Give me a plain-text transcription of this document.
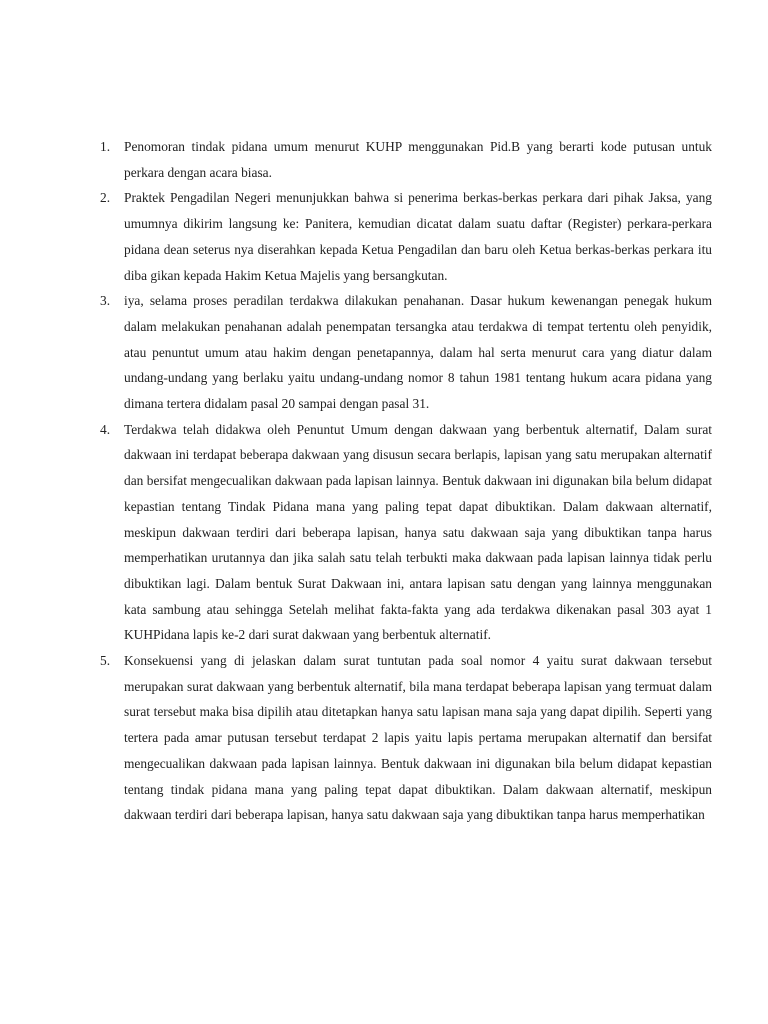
1. Penomoran tindak pidana umum menurut KUHP menggunakan Pid.B yang berarti kode putusan untuk perkara dengan acara biasa.
2. Praktek Pengadilan Negeri menunjukkan bahwa si penerima berkas-berkas perkara dari pihak Jaksa, yang umumnya dikirim langsung ke: Panitera, kemudian dicatat dalam suatu daftar (Register) perkara-perkara pidana dean seterus nya diserahkan kepada Ketua Pengadilan dan baru oleh Ketua berkas-berkas perkara itu diba gikan kepada Hakim Ketua Majelis yang bersangkutan.
3. iya, selama proses peradilan terdakwa dilakukan penahanan. Dasar hukum kewenangan penegak hukum dalam melakukan penahanan adalah penempatan tersangka atau terdakwa di tempat tertentu oleh penyidik, atau penuntut umum atau hakim dengan penetapannya, dalam hal serta menurut cara yang diatur dalam undang-undang yang berlaku yaitu undang-undang nomor 8 tahun 1981 tentang hukum acara pidana yang dimana tertera didalam pasal 20 sampai dengan pasal 31.
4. Terdakwa telah didakwa oleh Penuntut Umum dengan dakwaan yang berbentuk alternatif, Dalam surat dakwaan ini terdapat beberapa dakwaan yang disusun secara berlapis, lapisan yang satu merupakan alternatif dan bersifat mengecualikan dakwaan pada lapisan lainnya. Bentuk dakwaan ini digunakan bila belum didapat kepastian tentang Tindak Pidana mana yang paling tepat dapat dibuktikan. Dalam dakwaan alternatif, meskipun dakwaan terdiri dari beberapa lapisan, hanya satu dakwaan saja yang dibuktikan tanpa harus memperhatikan urutannya dan jika salah satu telah terbukti maka dakwaan pada lapisan lainnya tidak perlu dibuktikan lagi. Dalam bentuk Surat Dakwaan ini, antara lapisan satu dengan yang lainnya menggunakan kata sambung atau sehingga Setelah melihat fakta-fakta yang ada terdakwa dikenakan pasal 303 ayat 1 KUHPidana lapis ke-2 dari surat dakwaan yang berbentuk alternatif.
5. Konsekuensi yang di jelaskan dalam surat tuntutan pada soal nomor 4 yaitu surat dakwaan tersebut merupakan surat dakwaan yang berbentuk alternatif, bila mana terdapat beberapa lapisan yang termuat dalam surat tersebut maka bisa dipilih atau ditetapkan hanya satu lapisan mana saja yang dapat dipilih. Seperti yang tertera pada amar putusan tersebut terdapat 2 lapis yaitu lapis pertama merupakan alternatif dan bersifat mengecualikan dakwaan pada lapisan lainnya. Bentuk dakwaan ini digunakan bila belum didapat kepastian tentang tindak pidana mana yang paling tepat dapat dibuktikan. Dalam dakwaan alternatif, meskipun dakwaan terdiri dari beberapa lapisan, hanya satu dakwaan saja yang dibuktikan tanpa harus memperhatikan
